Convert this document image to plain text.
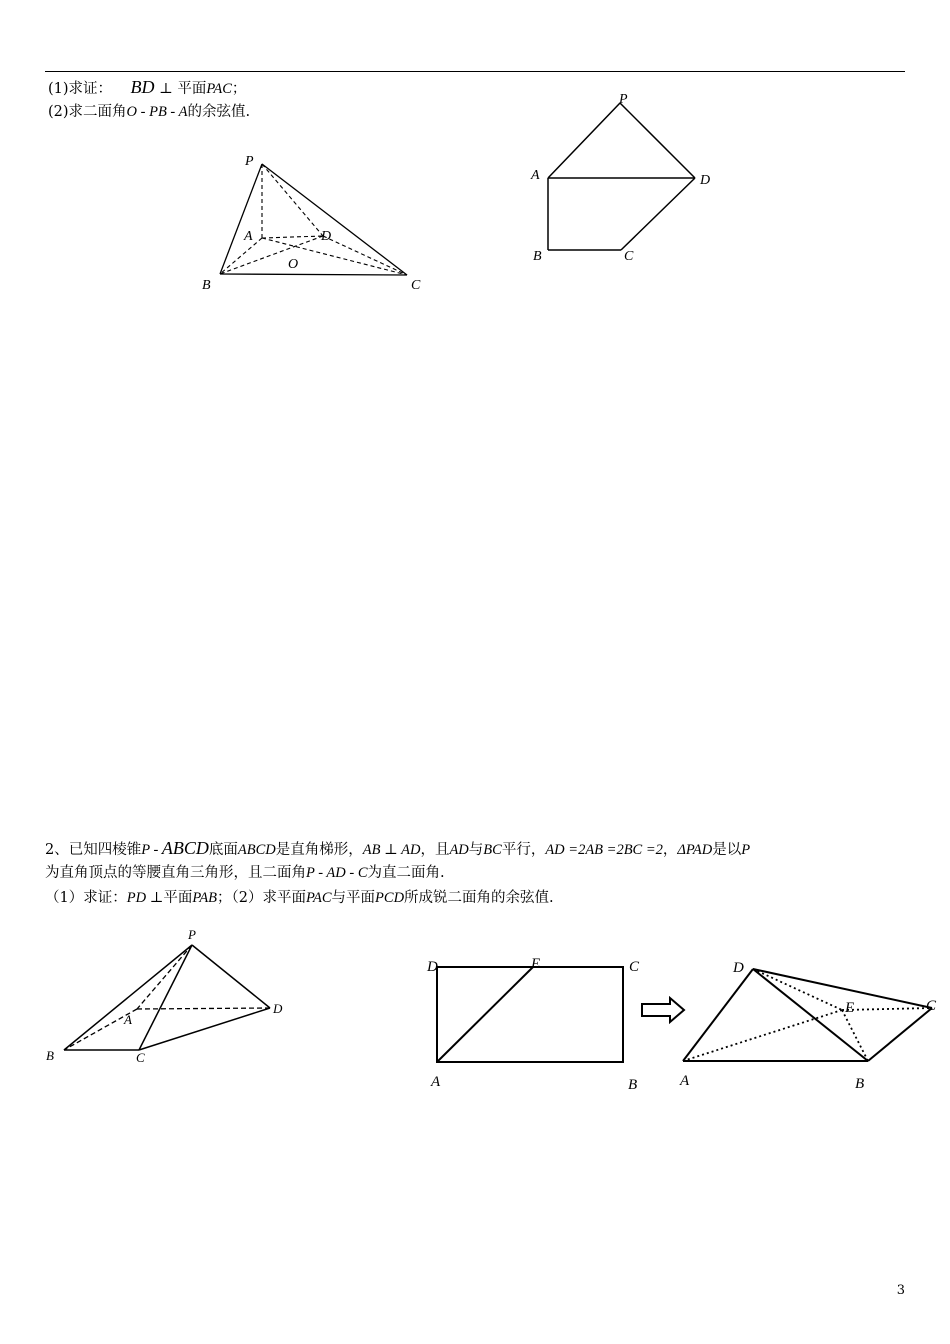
(1)求证： BD ⊥ 平面PAC；
(2)求二面角O - PB - A的余弦值.
P
A	D
O
B	C
P
A	D
B	C
2、已知四棱锥P - ABCD底面ABCD是直角梯形，AB ⊥ AD，且AD与BC平行，AD =2AB =2BC =2，ΔPAD是以P
为直角顶点的等腰直角三角形，且二面角P - AD - C为直二面角.
（1）求证：PD ⊥平面PAB；（2）求平面PAC与平面PCD所成锐二面角的余弦值.
P
A
D
B	C
D	E	C
A	B
D
E	C
A	B
3
